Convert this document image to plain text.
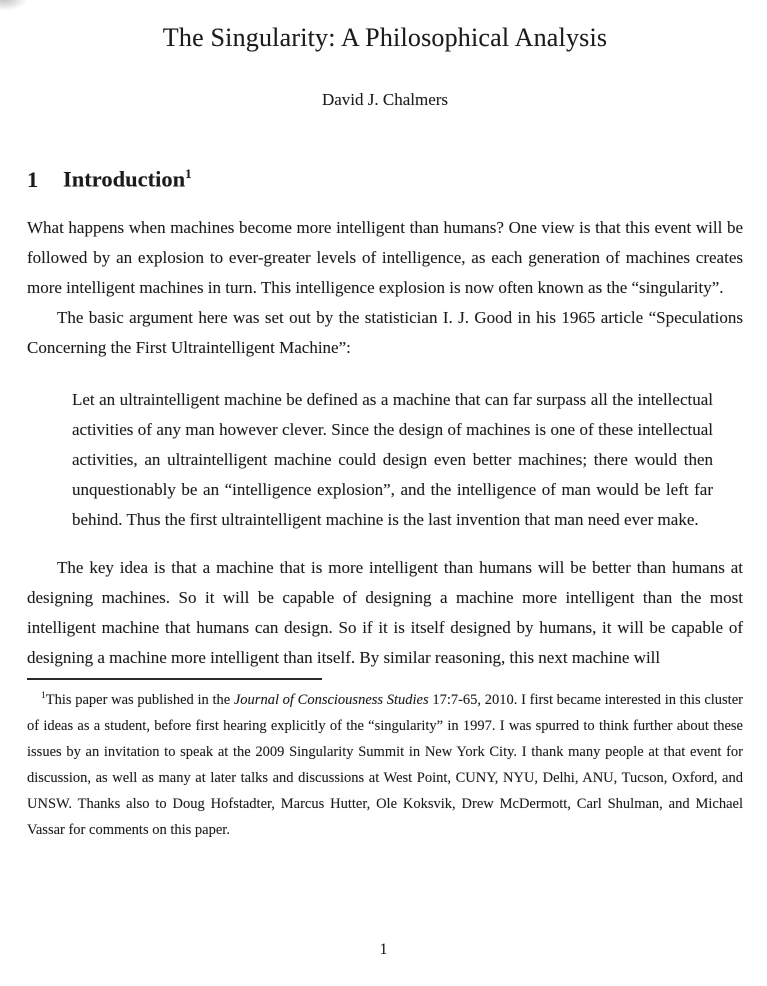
The Singularity: A Philosophical Analysis
David J. Chalmers
1 Introduction$^1$

What happens when machines become more intelligent than humans? One view is that this event will be followed by an explosion to ever-greater levels of intelligence, as each generation of machines creates more intelligent machines in turn. This intelligence explosion is now often known as the “singularity”.

The basic argument here was set out by the statistician I. J. Good in his 1965 article “Speculations Concerning the First Ultraintelligent Machine”:

Let an ultraintelligent machine be defined as a machine that can far surpass all the intellectual activities of any man however clever. Since the design of machines is one of these intellectual activities, an ultraintelligent machine could design even better machines; there would then unquestionably be an “intelligence explosion”, and the intelligence of man would be left far behind. Thus the first ultraintelligent machine is the last invention that man need ever make.

The key idea is that a machine that is more intelligent than humans will be better than humans at designing machines. So it will be capable of designing a machine more intelligent than the most intelligent machine that humans can design. So if it is itself designed by humans, it will be capable of designing a machine more intelligent than itself. By similar reasoning, this next machine will

$^1$This paper was published in the Journal of Consciousness Studies 17:7-65, 2010. I first became interested in this cluster of ideas as a student, before first hearing explicitly of the “singularity” in 1997. I was spurred to think further about these issues by an invitation to speak at the 2009 Singularity Summit in New York City. I thank many people at that event for discussion, as well as many at later talks and discussions at West Point, CUNY, NYU, Delhi, ANU, Tucson, Oxford, and UNSW. Thanks also to Doug Hofstadter, Marcus Hutter, Ole Koksvik, Drew McDermott, Carl Shulman, and Michael Vassar for comments on this paper.
1
